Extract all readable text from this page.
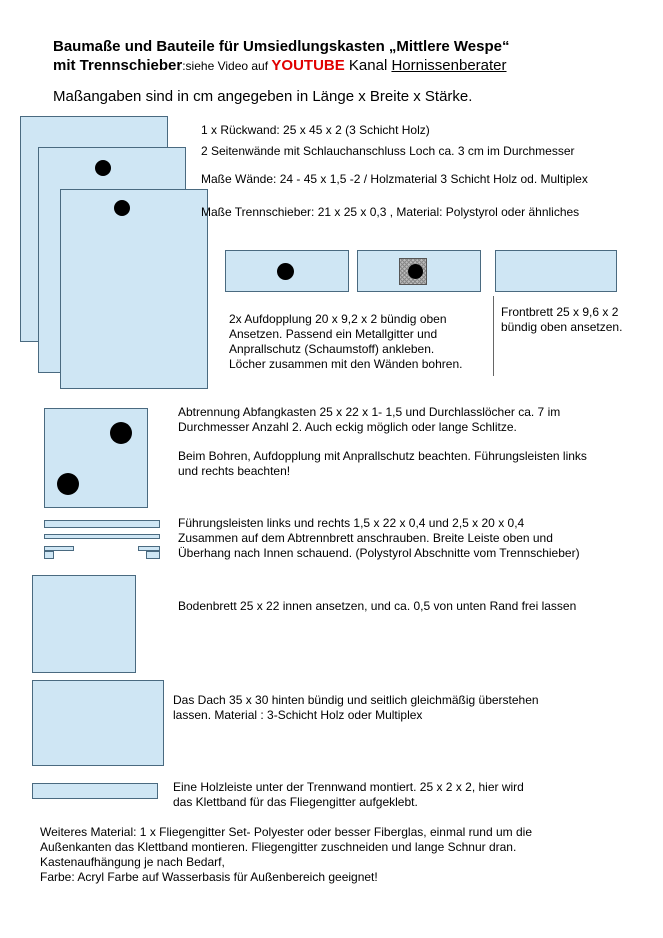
Baumaße und Bauteile für Umsiedlungskasten „Mittlere Wespe“
mit Trennschieber:siehe Video auf YOUTUBE Kanal Hornissenberater
Maßangaben sind in cm angegeben in Länge x Breite x Stärke.
1 x Rückwand: 25 x 45 x 2 (3 Schicht Holz)
2 Seitenwände mit Schlauchanschluss Loch ca. 3 cm im Durchmesser
Maße Wände: 24 - 45 x 1,5 -2 / Holzmaterial 3 Schicht Holz od. Multiplex
Maße Trennschieber: 21 x 25 x 0,3 , Material: Polystyrol oder ähnliches
2x Aufdopplung 20 x 9,2 x 2 bündig oben
Ansetzen. Passend ein Metallgitter und
Anprallschutz (Schaumstoff) ankleben.
Löcher zusammen mit den Wänden bohren.
Frontbrett 25 x 9,6 x 2
bündig oben ansetzen.
Abtrennung Abfangkasten 25 x 22 x 1- 1,5 und Durchlasslöcher ca. 7 im
Durchmesser Anzahl 2. Auch eckig möglich oder lange Schlitze.
Beim Bohren, Aufdopplung mit Anprallschutz beachten. Führungsleisten links
und rechts beachten!
Führungsleisten links und rechts 1,5 x 22 x 0,4 und 2,5 x 20 x 0,4
Zusammen auf dem Abtrennbrett anschrauben. Breite Leiste oben und
Überhang nach Innen schauend. (Polystyrol Abschnitte vom Trennschieber)
Bodenbrett 25 x 22 innen ansetzen, und ca. 0,5 von unten Rand frei lassen
Das Dach 35 x 30 hinten bündig und seitlich gleichmäßig überstehen
lassen. Material : 3-Schicht Holz oder Multiplex
Eine Holzleiste unter der Trennwand montiert. 25 x 2 x 2, hier wird
das Klettband für das Fliegengitter aufgeklebt.
Weiteres Material: 1 x Fliegengitter Set- Polyester oder besser Fiberglas, einmal rund um die
Außenkanten das Klettband montieren. Fliegengitter zuschneiden und lange Schnur dran.
Kastenaufhängung je nach Bedarf,
Farbe: Acryl Farbe auf Wasserbasis für Außenbereich geeignet!
